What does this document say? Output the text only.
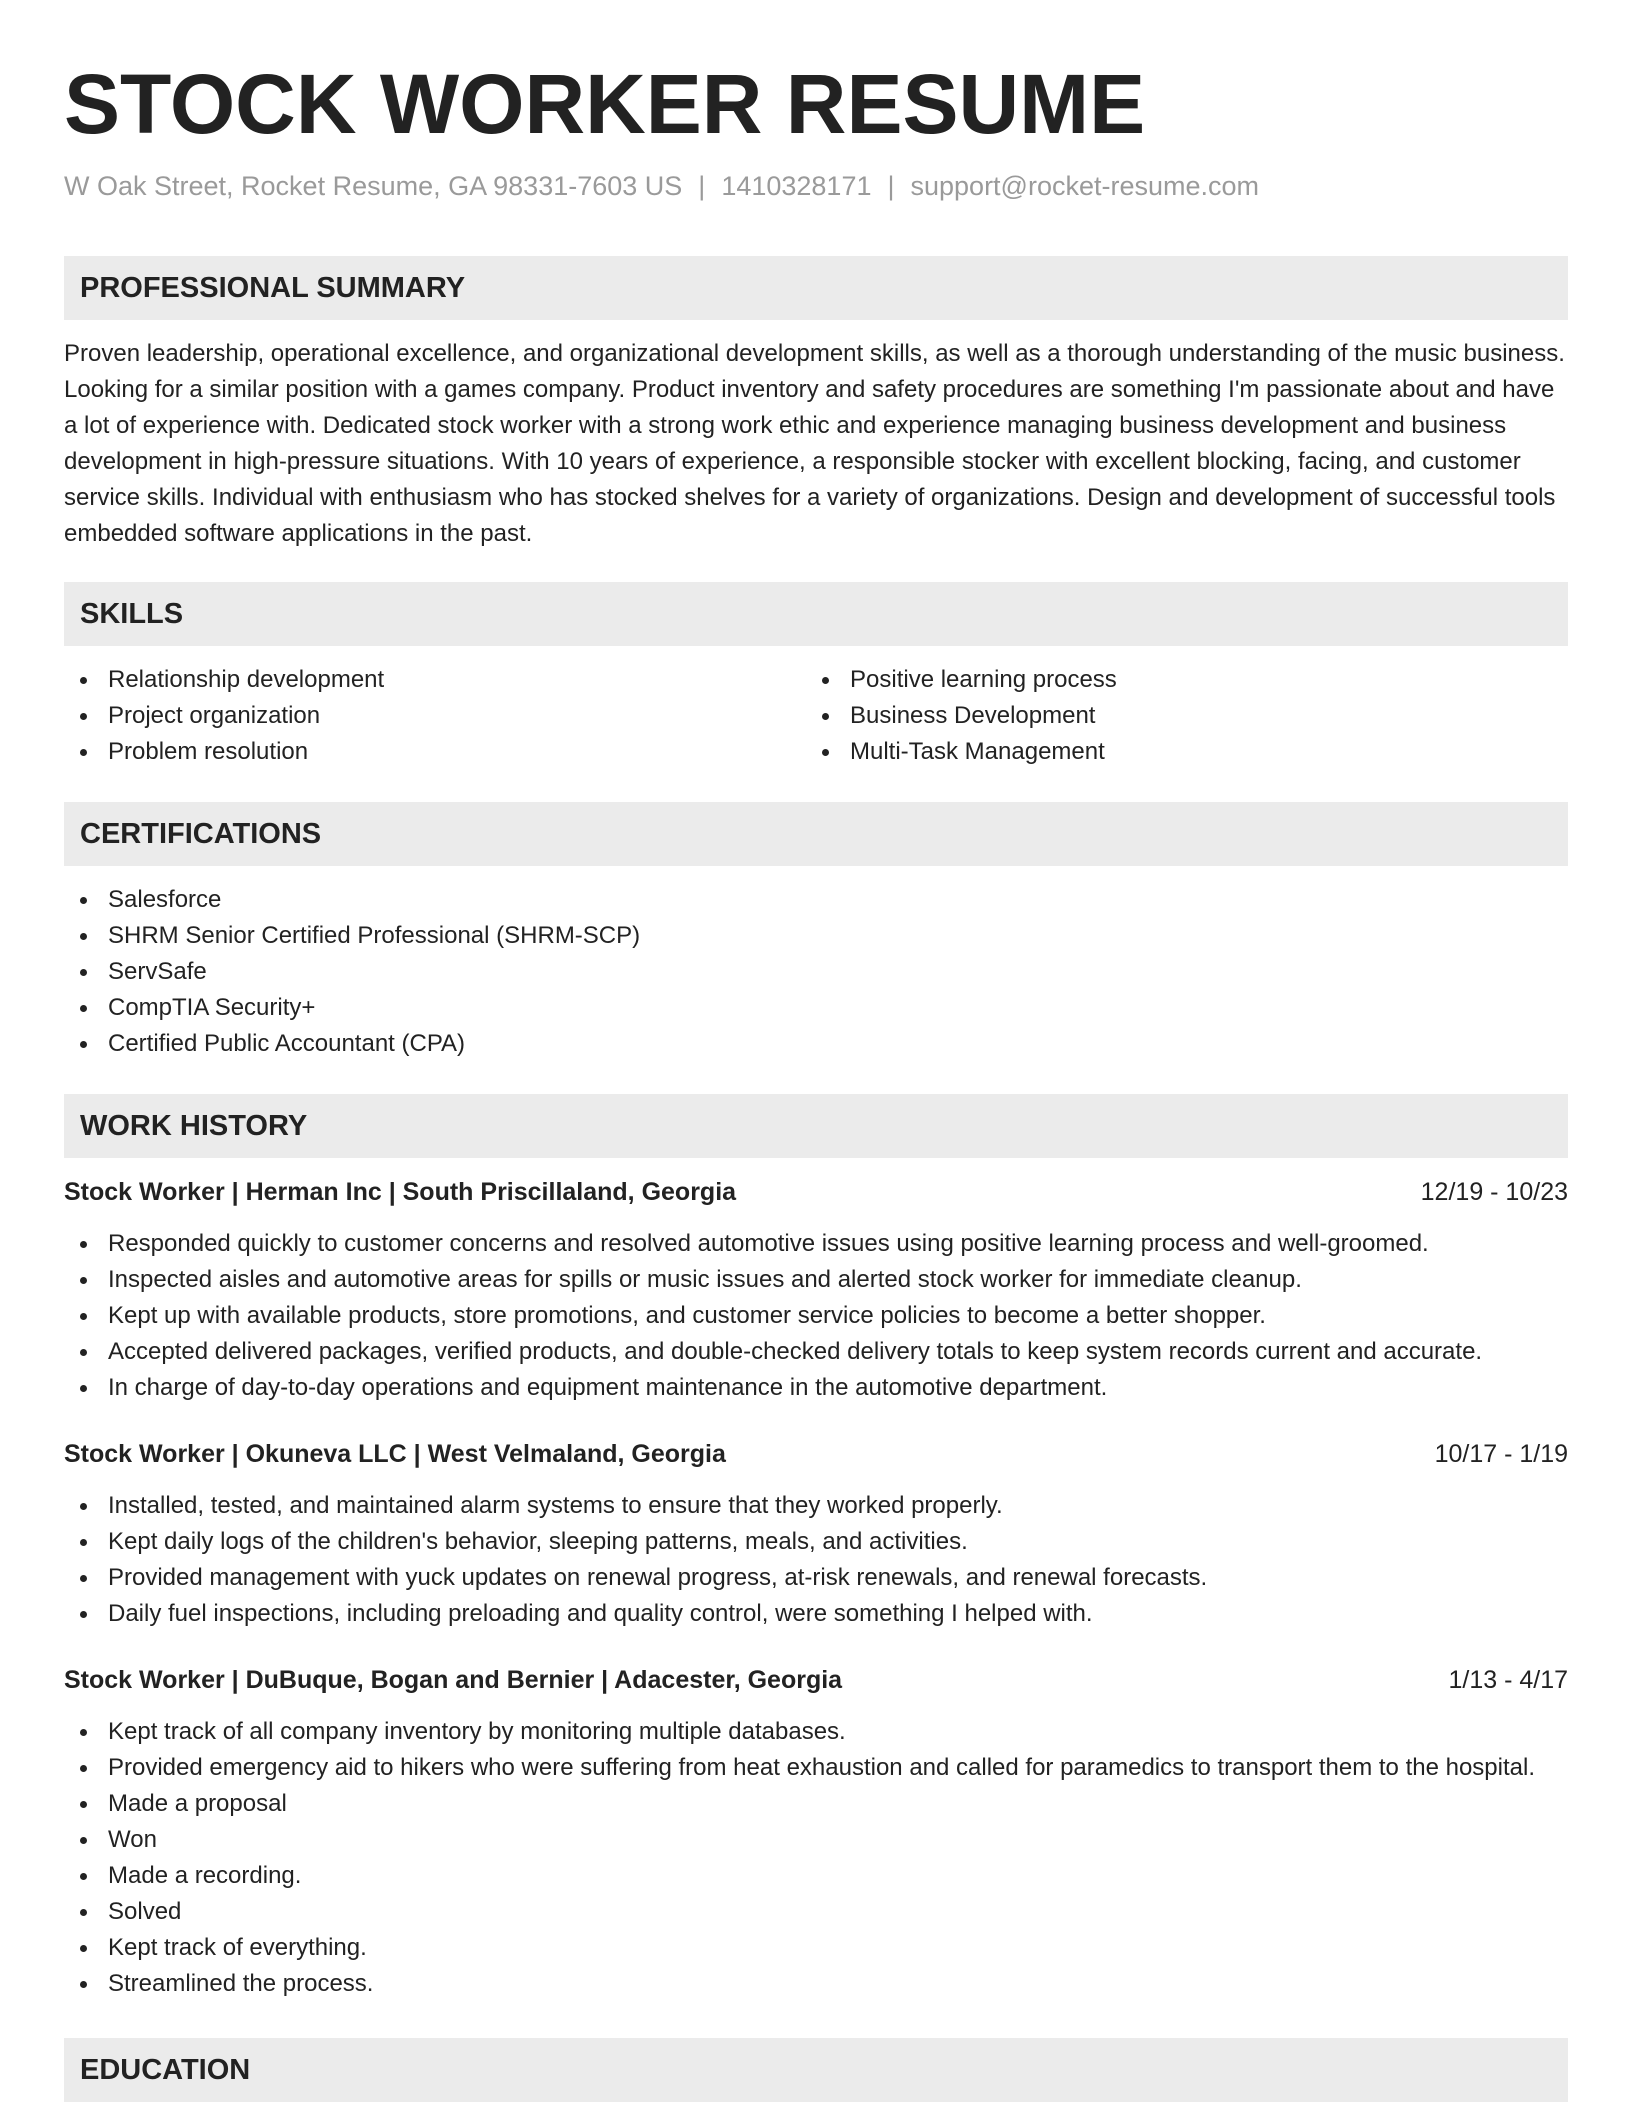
STOCK WORKER RESUME
W Oak Street, Rocket Resume, GA 98331-7603 US | 1410328171 | support@rocket-resume.com
PROFESSIONAL SUMMARY

Proven leadership, operational excellence, and organizational development skills, as well as a thorough understanding of the music business. Looking for a similar position with a games company. Product inventory and safety procedures are something I'm passionate about and have a lot of experience with. Dedicated stock worker with a strong work ethic and experience managing business development and business development in high-pressure situations. With 10 years of experience, a responsible stocker with excellent blocking, facing, and customer service skills. Individual with enthusiasm who has stocked shelves for a variety of organizations. Design and development of successful tools embedded software applications in the past.

SKILLS
Relationship development
Project organization
Problem resolution
Positive learning process
Business Development
Multi-Task Management
CERTIFICATIONS
Salesforce
SHRM Senior Certified Professional (SHRM-SCP)
ServSafe
CompTIA Security+
Certified Public Accountant (CPA)
WORK HISTORY
Stock Worker | Herman Inc | South Priscillaland, Georgia	12/19 - 10/23
Responded quickly to customer concerns and resolved automotive issues using positive learning process and well-groomed.
Inspected aisles and automotive areas for spills or music issues and alerted stock worker for immediate cleanup.
Kept up with available products, store promotions, and customer service policies to become a better shopper.
Accepted delivered packages, verified products, and double-checked delivery totals to keep system records current and accurate.
In charge of day-to-day operations and equipment maintenance in the automotive department.
Stock Worker | Okuneva LLC | West Velmaland, Georgia	10/17 - 1/19
Installed, tested, and maintained alarm systems to ensure that they worked properly.
Kept daily logs of the children's behavior, sleeping patterns, meals, and activities.
Provided management with yuck updates on renewal progress, at-risk renewals, and renewal forecasts.
Daily fuel inspections, including preloading and quality control, were something I helped with.
Stock Worker | DuBuque, Bogan and Bernier | Adacester, Georgia	1/13 - 4/17
Kept track of all company inventory by monitoring multiple databases.
Provided emergency aid to hikers who were suffering from heat exhaustion and called for paramedics to transport them to the hospital.
Made a proposal
Won
Made a recording.
Solved
Kept track of everything.
Streamlined the process.
EDUCATION
